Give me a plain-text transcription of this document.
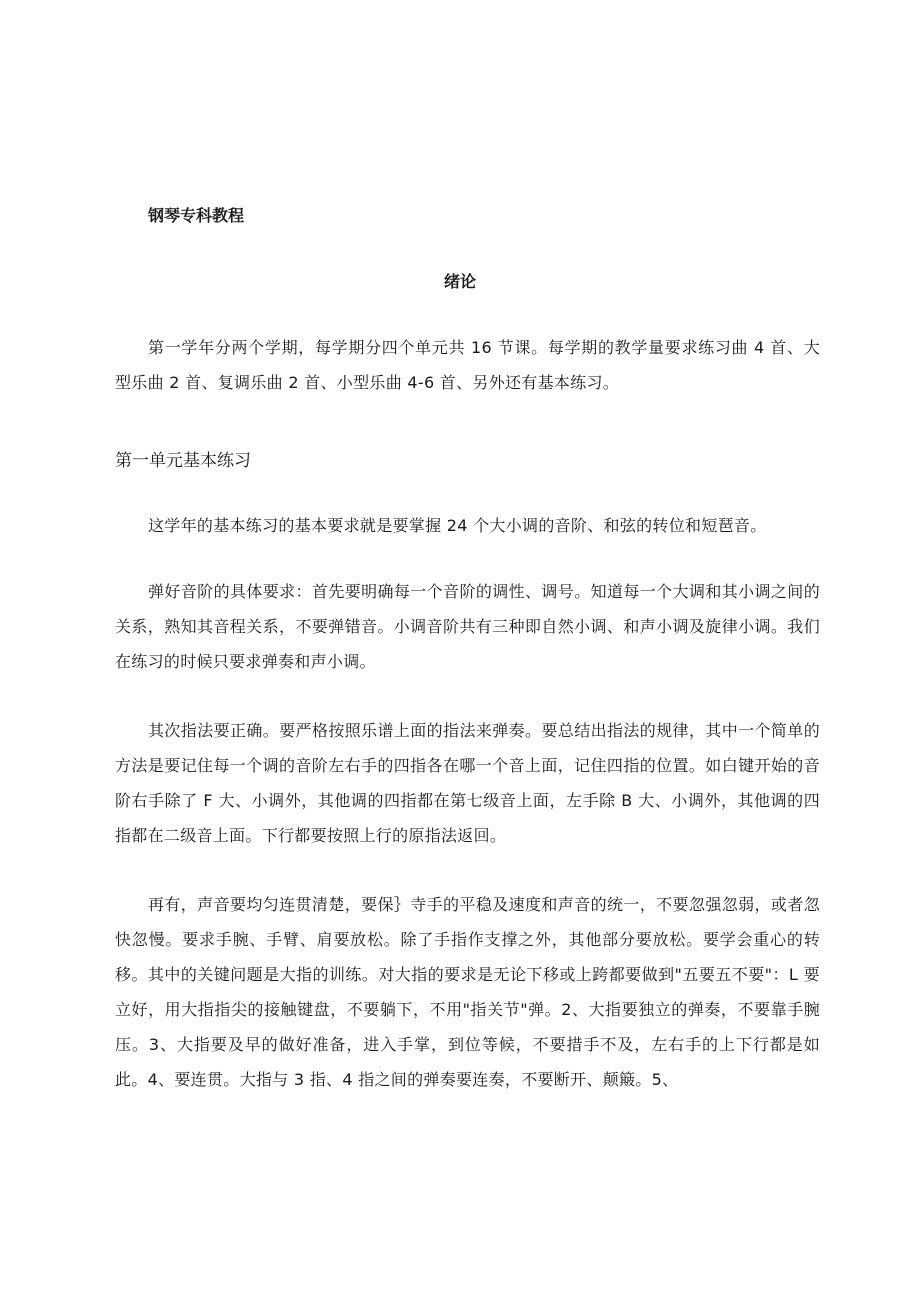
钢琴专科教程

绪论

第一学年分两个学期，每学期分四个单元共 16 节课。每学期的教学量要求练习曲 4 首、大型乐曲 2 首、复调乐曲 2 首、小型乐曲 4-6 首、另外还有基本练习。

第一单元基本练习

这学年的基本练习的基本要求就是要掌握 24 个大小调的音阶、和弦的转位和短琶音。

弹好音阶的具体要求：首先要明确每一个音阶的调性、调号。知道每一个大调和其小调之间的关系，熟知其音程关系，不要弹错音。小调音阶共有三种即自然小调、和声小调及旋律小调。我们在练习的时候只要求弹奏和声小调。

其次指法要正确。要严格按照乐谱上面的指法来弹奏。要总结出指法的规律，其中一个简单的方法是要记住每一个调的音阶左右手的四指各在哪一个音上面，记住四指的位置。如白键开始的音阶右手除了 F 大、小调外，其他调的四指都在第七级音上面，左手除 B 大、小调外，其他调的四指都在二级音上面。下行都要按照上行的原指法返回。

再有，声音要均匀连贯清楚，要保｝寺手的平稳及速度和声音的统一，不要忽强忽弱，或者忽快忽慢。要求手腕、手臂、肩要放松。除了手指作支撑之外，其他部分要放松。要学会重心的转移。其中的关键问题是大指的训练。对大指的要求是无论下移或上跨都要做到"五要五不要"：L 要立好，用大指指尖的接触键盘，不要躺下，不用"指关节"弹。2、大指要独立的弹奏，不要靠手腕压。3、大指要及早的做好准备，进入手掌，到位等候，不要措手不及，左右手的上下行都是如此。4、要连贯。大指与 3 指、4 指之间的弹奏要连奏，不要断开、颠簸。5、
